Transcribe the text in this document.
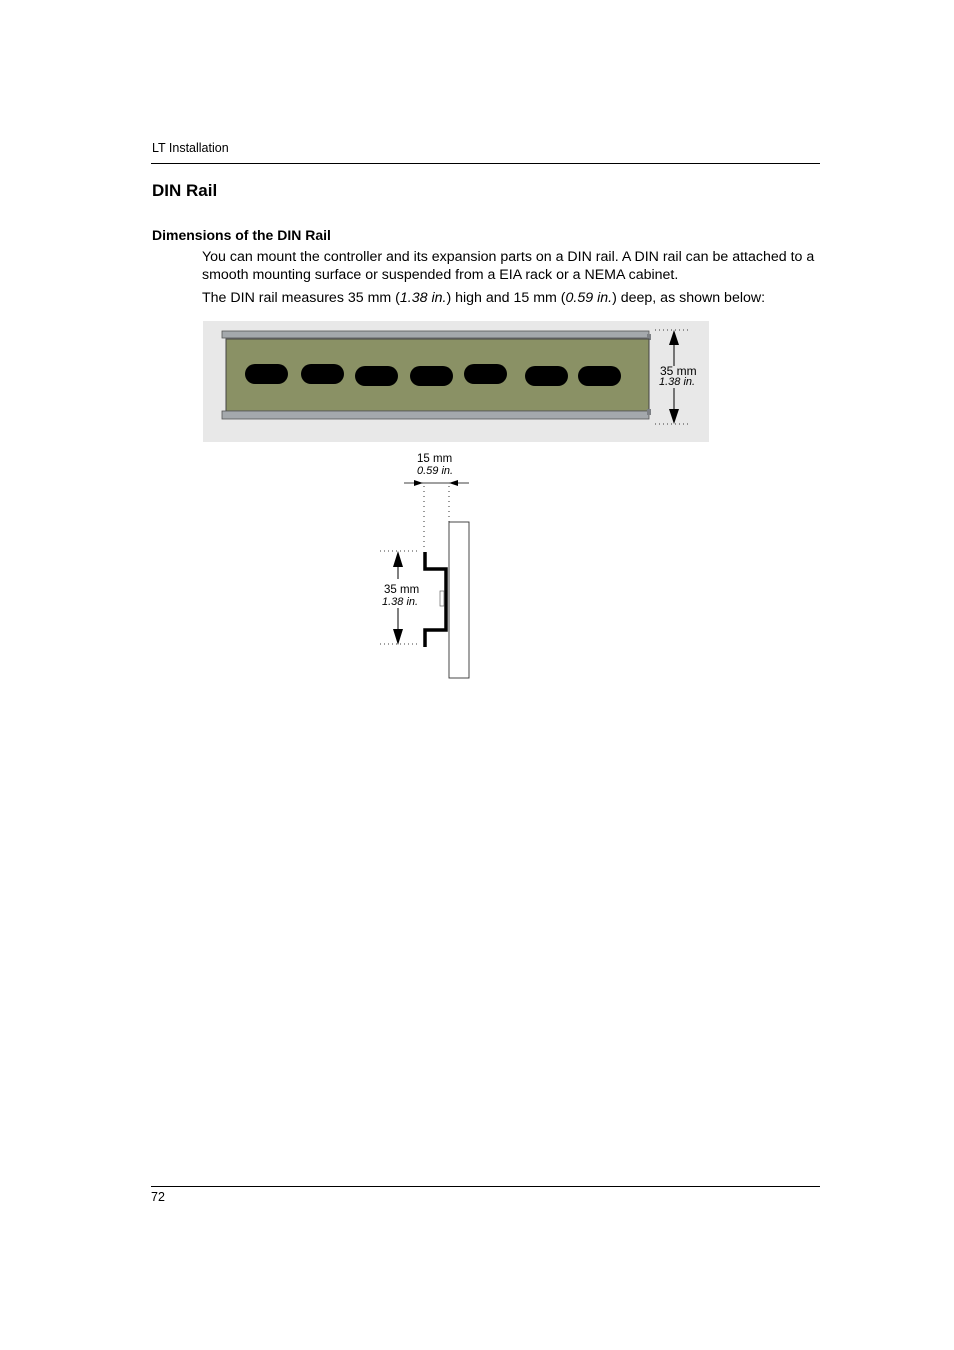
LT Installation
DIN Rail
Dimensions of the DIN Rail
You can mount the controller and its expansion parts on a DIN rail. A DIN rail can be attached to a smooth mounting surface or suspended from a EIA rack or a NEMA cabinet.
The DIN rail measures 35 mm (1.38 in.) high and 15 mm (0.59 in.) deep, as shown below:
35 mm
1.38 in.
15 mm
0.59 in.
35 mm
1.38 in.
72
